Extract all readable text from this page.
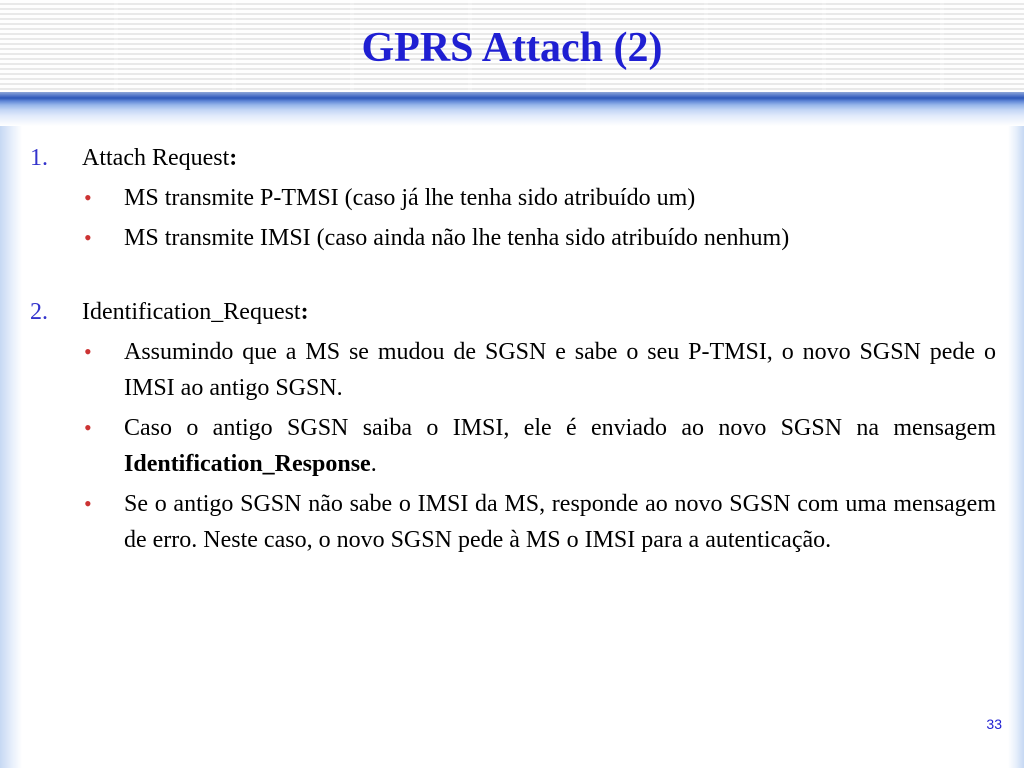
GPRS Attach (2)
1.	Attach Request:
• MS transmite P-TMSI (caso já lhe tenha sido atribuído um)
• MS transmite IMSI (caso ainda não lhe tenha sido atribuído nenhum)
2.	Identification_Request:
• Assumindo que a MS se mudou de SGSN e sabe o seu P-TMSI, o novo SGSN pede o IMSI ao antigo SGSN.
• Caso o antigo SGSN saiba o IMSI, ele é enviado ao novo SGSN na mensagem Identification_Response.
• Se o antigo SGSN não sabe o IMSI da MS, responde ao novo SGSN com uma mensagem de erro. Neste caso, o novo SGSN pede à MS o IMSI para a autenticação.
33
